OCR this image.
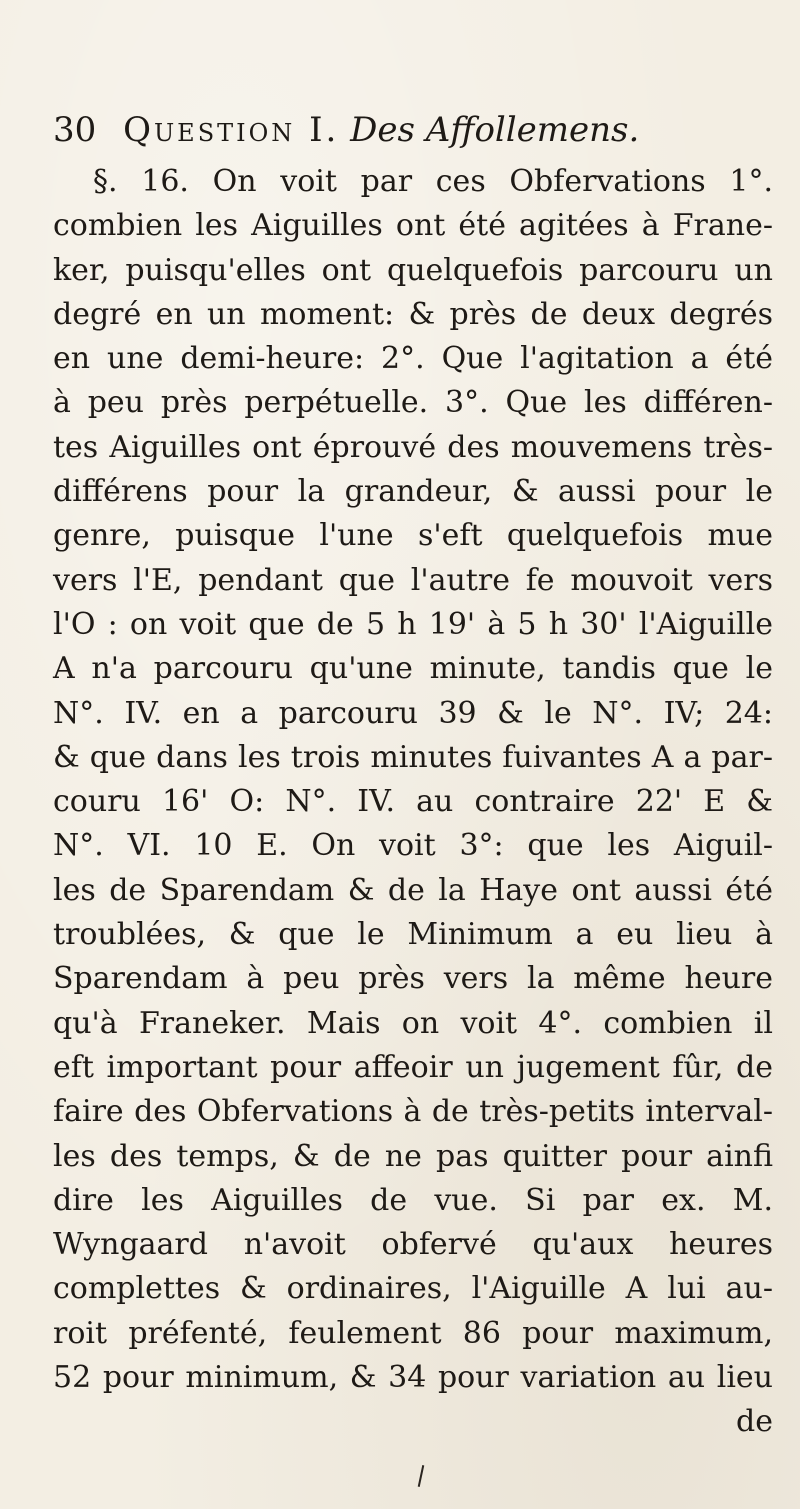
30 Question I. Des Affollemens.
§. 16. On voit par ces Obfervations 1°.
combien les Aiguilles ont été agitées à Frane-
ker, puisqu'elles ont quelquefois parcouru un
degré en un moment: & près de deux degrés
en une demi-heure: 2°. Que l'agitation a été
à peu près perpétuelle. 3°. Que les différen-
tes Aiguilles ont éprouvé des mouvemens très-
différens pour la grandeur, & aussi pour le
genre, puisque l'une s'eft quelquefois mue
vers l'E, pendant que l'autre fe mouvoit vers
l'O : on voit que de 5 h 19' à 5 h 30' l'Aiguille
A n'a parcouru qu'une minute, tandis que le
N°. IV. en a parcouru 39 & le N°. IV; 24:
& que dans les trois minutes fuivantes A a par-
couru 16' O: N°. IV. au contraire 22' E &
N°. VI. 10 E. On voit 3°: que les Aiguil-
les de Sparendam & de la Haye ont aussi été
troublées, & que le Minimum a eu lieu à
Sparendam à peu près vers la même heure
qu'à Franeker. Mais on voit 4°. combien il
eft important pour affeoir un jugement fûr, de
faire des Obfervations à de très-petits interval-
les des temps, & de ne pas quitter pour ainfi
dire les Aiguilles de vue. Si par ex. M.
Wyngaard n'avoit obfervé qu'aux heures
complettes & ordinaires, l'Aiguille A lui au-
roit préfenté, feulement 86 pour maximum,
52 pour minimum, & 34 pour variation au lieu
de
